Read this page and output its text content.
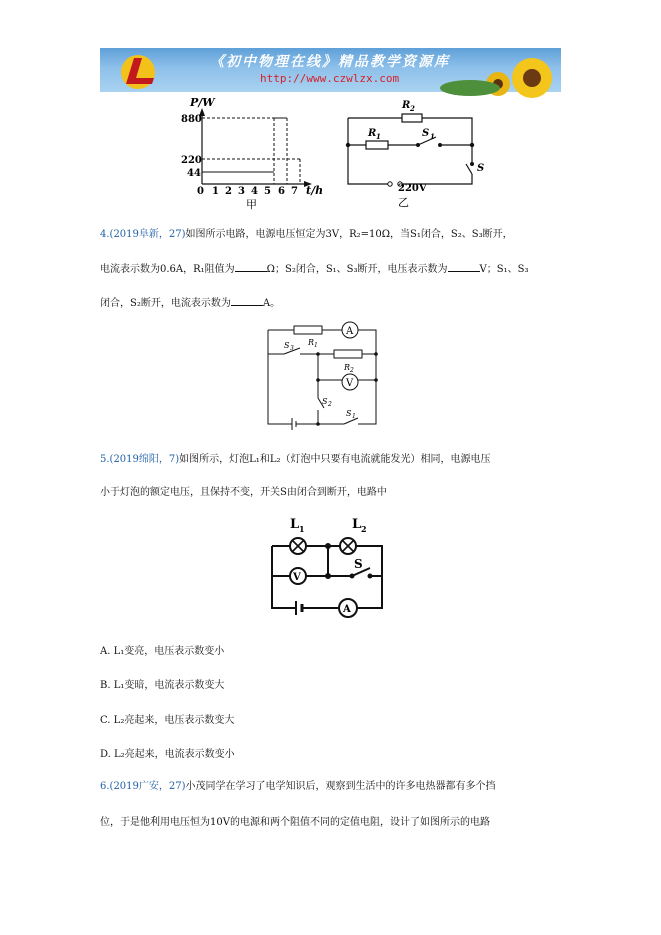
《初中物理在线》精品教学资源库
http://www.czwlzx.com
P/W
880
220
44
0 1 2 3 4 5 6 7 t/h
甲
R 2
R 1	S 1
S
220V
乙
4.(2019阜新，27)如图所示电路，电源电压恒定为3V，R₂=10Ω，当S₁闭合，S₂、S₃断开，
电流表示数为0.6A，R₁阻值为	Ω；S₂闭合，S₁、S₃断开，电压表示数为	V；S₁、S₃
闭合，S₂断开，电流表示数为	A。
A
V
R 1
R 2
S 3
S 2
S 1
5.(2019绵阳，7)如图所示，灯泡L₁和L₂（灯泡中只要有电流就能发光）相同，电源电压
小于灯泡的额定电压，且保持不变，开关S由闭合到断开，电路中
V
A
L 1	L 2
S
A. L₁变亮，电压表示数变小
B. L₁变暗，电流表示数变大
C. L₂亮起来，电压表示数变大
D. L₂亮起来，电流表示数变小
6.(2019广安，27)小茂同学在学习了电学知识后，观察到生活中的许多电热器都有多个挡
位，于是他利用电压恒为10V的电源和两个阻值不同的定值电阻，设计了如图所示的电路
